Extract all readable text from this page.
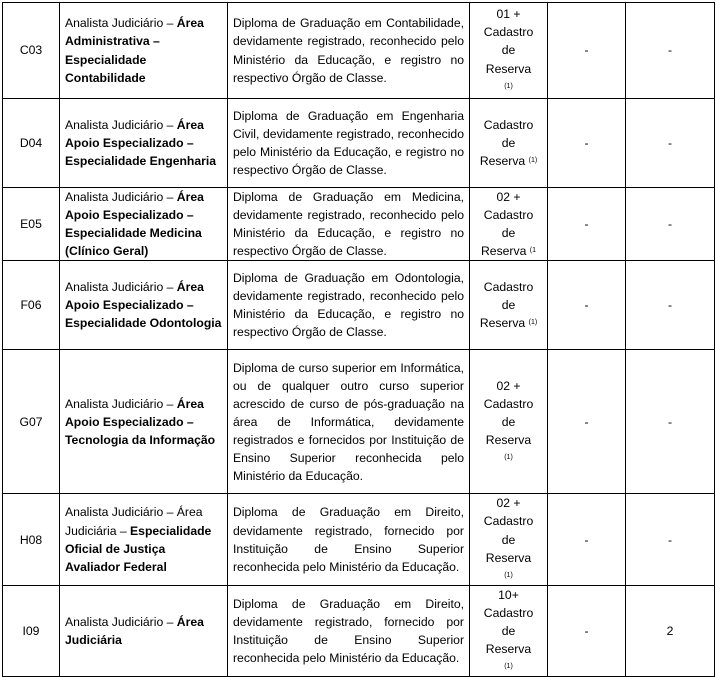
C03	Analista Judiciário – Área Administrativa – Especialidade Contabilidade	Diploma de Graduação em Contabilidade, devidamente registrado, reconhecido pelo Ministério da Educação, e registro no respectivo Órgão de Classe.	01 + Cadastro de Reserva $^{(1)}$	-	-
D04	Analista Judiciário – Área Apoio Especializado – Especialidade Engenharia	Diploma de Graduação em Engenharia Civil, devidamente registrado, reconhecido pelo Ministério da Educação, e registro no respectivo Órgão de Classe.	Cadastro de Reserva $^{(1)}$	-	-
E05	Analista Judiciário – Área Apoio Especializado – Especialidade Medicina (Clínico Geral)	Diploma de Graduação em Medicina, devidamente registrado, reconhecido pelo Ministério da Educação, e registro no respectivo Órgão de Classe.	02 + Cadastro de Reserva $^{(1}$	-	-
F06	Analista Judiciário – Área Apoio Especializado – Especialidade Odontologia	Diploma de Graduação em Odontologia, devidamente registrado, reconhecido pelo Ministério da Educação, e registro no respectivo Órgão de Classe.	Cadastro de Reserva $^{(1)}$	-	-
G07	Analista Judiciário – Área Apoio Especializado – Tecnologia da Informação	Diploma de curso superior em Informática, ou de qualquer outro curso superior acrescido de curso de pós-graduação na área de Informática, devidamente registrados e fornecidos por Instituição de Ensino Superior reconhecida pelo Ministério da Educação.	02 + Cadastro de Reserva $^{(1)}$	-	-
H08	Analista Judiciário – Área Judiciária – Especialidade Oficial de Justiça Avaliador Federal	Diploma de Graduação em Direito, devidamente registrado, fornecido por Instituição de Ensino Superior reconhecida pelo Ministério da Educação.	02 + Cadastro de Reserva $^{(1)}$	-	-
I09	Analista Judiciário – Área Judiciária	Diploma de Graduação em Direito, devidamente registrado, fornecido por Instituição de Ensino Superior reconhecida pelo Ministério da Educação.	10+ Cadastro de Reserva $^{(1)}$	-	2
